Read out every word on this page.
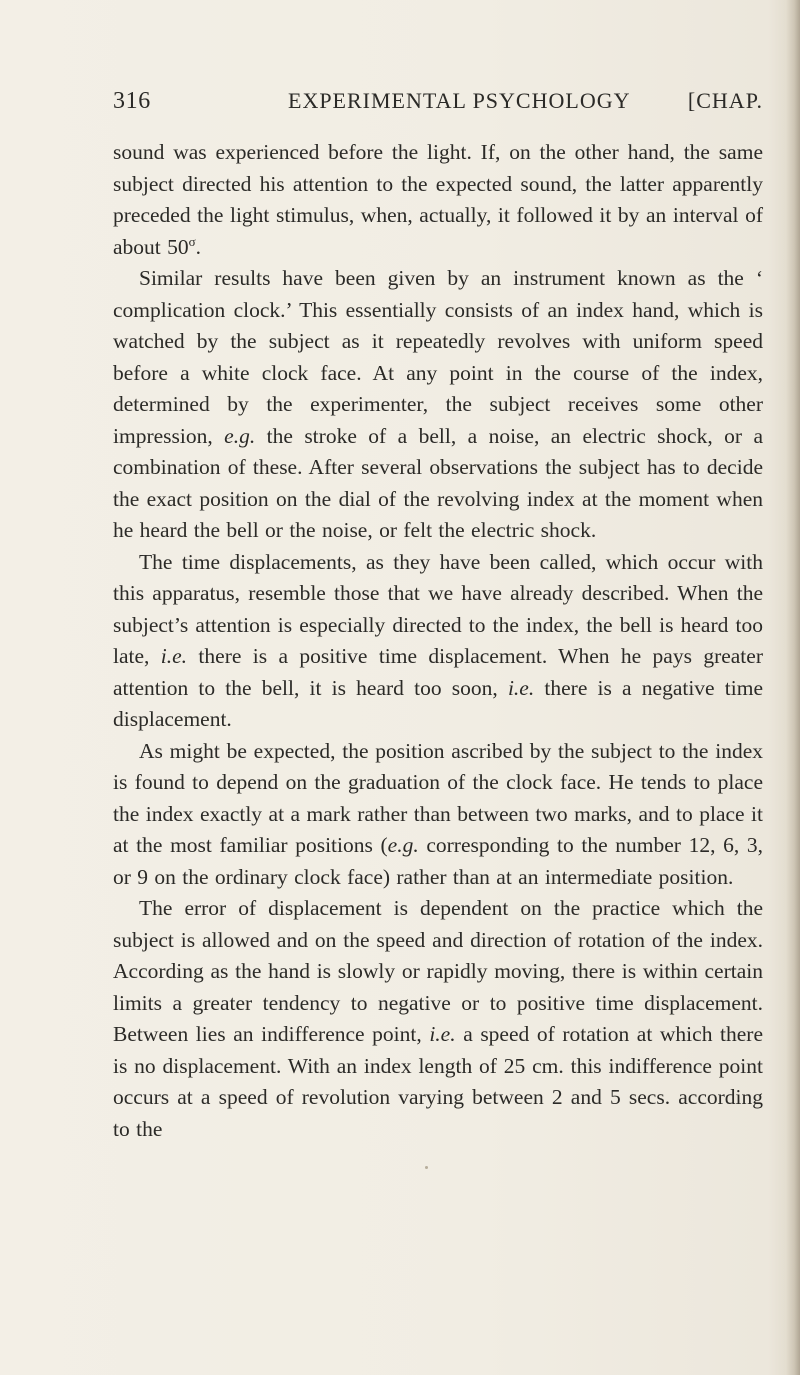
316	EXPERIMENTAL PSYCHOLOGY	[CHAP.

sound was experienced before the light. If, on the other hand, the same subject directed his attention to the expected sound, the latter apparently preceded the light stimulus, when, actually, it followed it by an interval of about $50^\sigma$.

Similar results have been given by an instrument known as the ‘ complication clock.’ This essentially consists of an index hand, which is watched by the subject as it repeatedly revolves with uniform speed before a white clock face. At any point in the course of the index, determined by the experimenter, the subject receives some other impression, e.g. the stroke of a bell, a noise, an electric shock, or a combination of these. After several observations the subject has to decide the exact position on the dial of the revolving index at the moment when he heard the bell or the noise, or felt the electric shock.

The time displacements, as they have been called, which occur with this apparatus, resemble those that we have already described. When the subject’s attention is especially directed to the index, the bell is heard too late, i.e. there is a positive time displacement. When he pays greater attention to the bell, it is heard too soon, i.e. there is a negative time displacement.

As might be expected, the position ascribed by the subject to the index is found to depend on the graduation of the clock face. He tends to place the index exactly at a mark rather than between two marks, and to place it at the most familiar positions (e.g. corresponding to the number 12, 6, 3, or 9 on the ordinary clock face) rather than at an intermediate position.

The error of displacement is dependent on the practice which the subject is allowed and on the speed and direction of rotation of the index. According as the hand is slowly or rapidly moving, there is within certain limits a greater tendency to negative or to positive time displacement. Between lies an indifference point, i.e. a speed of rotation at which there is no displacement. With an index length of 25 cm. this indifference point occurs at a speed of revolution varying between 2 and 5 secs. according to the
